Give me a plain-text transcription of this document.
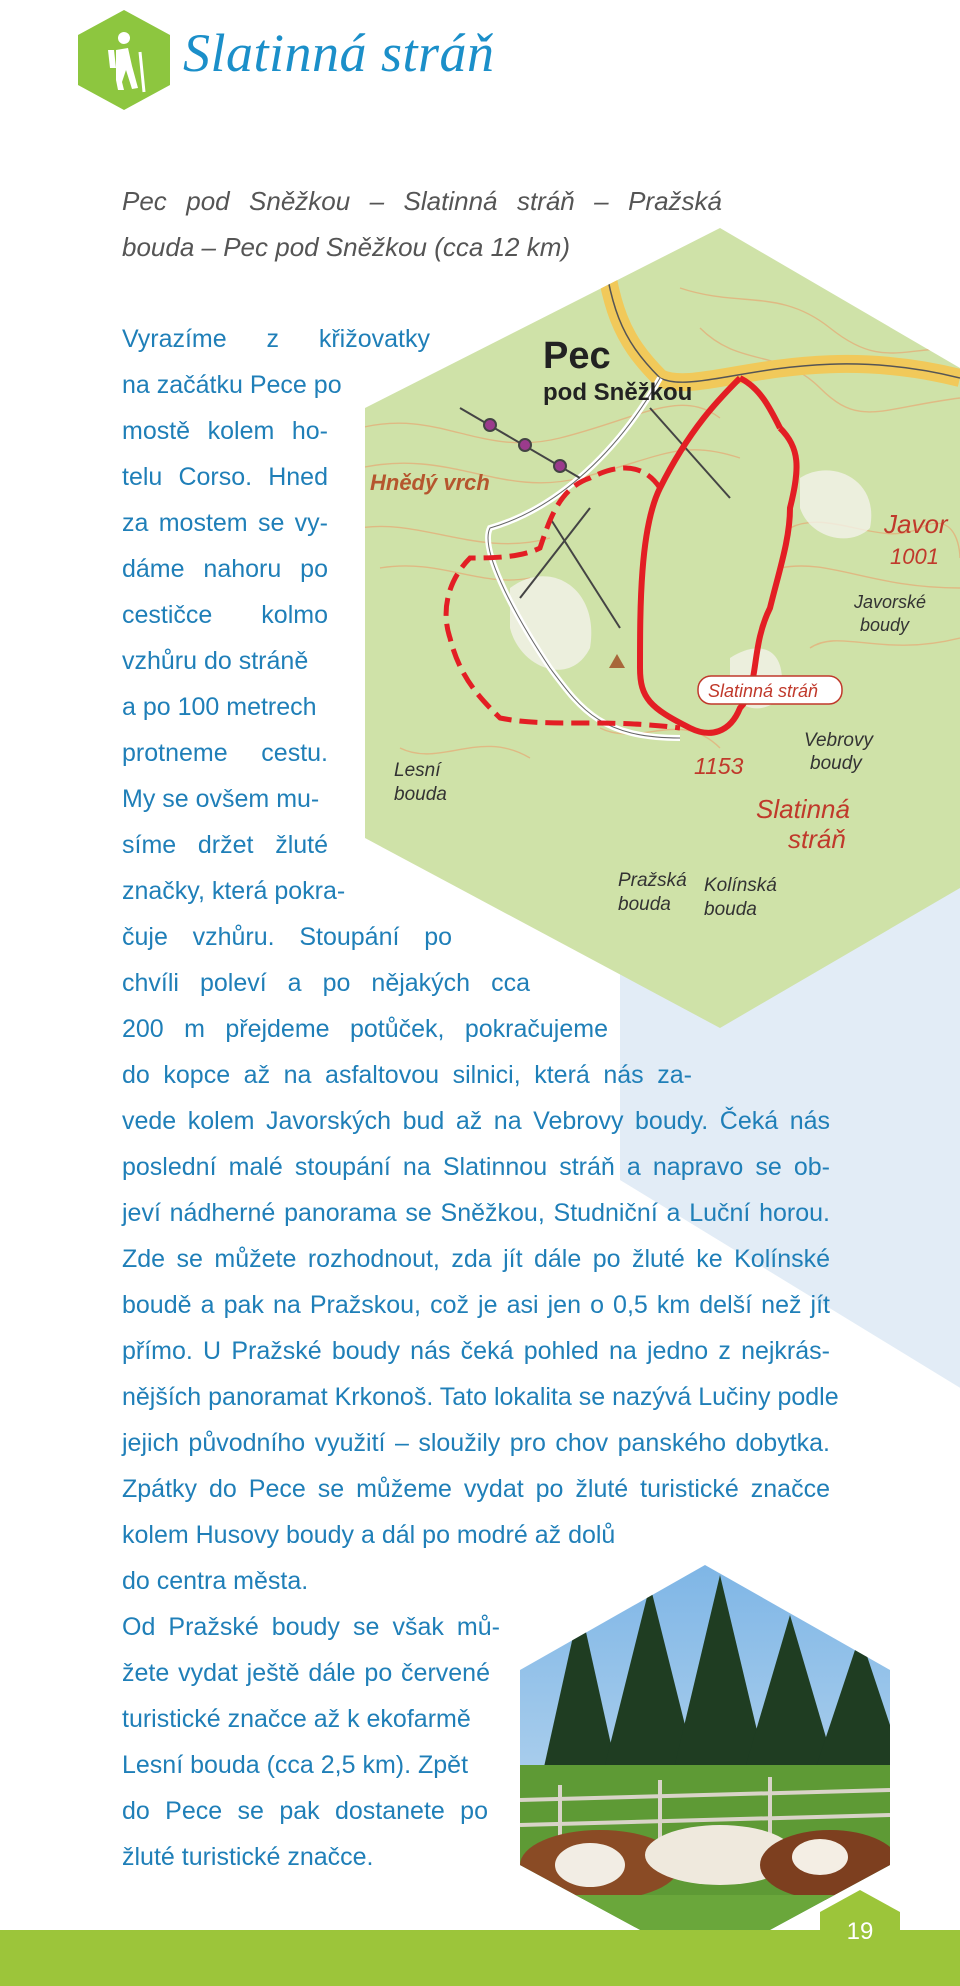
Slatinná stráň
Pec pod Sněžkou – Slatinná stráň – Pražská
bouda – Pec pod Sněžkou (cca 12 km)
Pec
pod Sněžkou
Hnědý vrch
Javor
1001
Javorské
boudy
Slatinná stráň
Vebrovy
boudy
1153
Slatinná
stráň
Lesní
bouda
Pražská
bouda
Kolínská
bouda
Vyrazíme z křižovatky
na začátku Pece po
mostě kolem ho-
telu Corso. Hned
za mostem se vy-
dáme nahoru po
cestičce kolmo
vzhůru do stráně
a po 100 metrech
protneme cestu.
My se ovšem mu-
síme držet žluté
značky, která pokra-
čuje vzhůru. Stoupání po
chvíli poleví a po nějakých cca
200 m přejdeme potůček, pokračujeme
do kopce až na asfaltovou silnici, která nás za-
vede kolem Javorských bud až na Vebrovy boudy. Čeká nás
poslední malé stoupání na Slatinnou stráň a napravo se ob-
jeví nádherné panorama se Sněžkou, Studniční a Luční horou.
Zde se můžete rozhodnout, zda jít dále po žluté ke Kolínské
boudě a pak na Pražskou, což je asi jen o 0,5 km delší než jít
přímo. U Pražské boudy nás čeká pohled na jedno z nejkrás-
nějších panoramat Krkonoš. Tato lokalita se nazývá Lučiny podle
jejich původního využití – sloužily pro chov panského dobytka.
Zpátky do Pece se můžeme vydat po žluté turistické značce
kolem Husovy boudy a dál po modré až dolů
do centra města.
Od Pražské boudy se však mů-
žete vydat ještě dále po červené
turistické značce až k ekofarmě
Lesní bouda (cca 2,5 km). Zpět
do Pece se pak dostanete po
žluté turistické značce.
19
